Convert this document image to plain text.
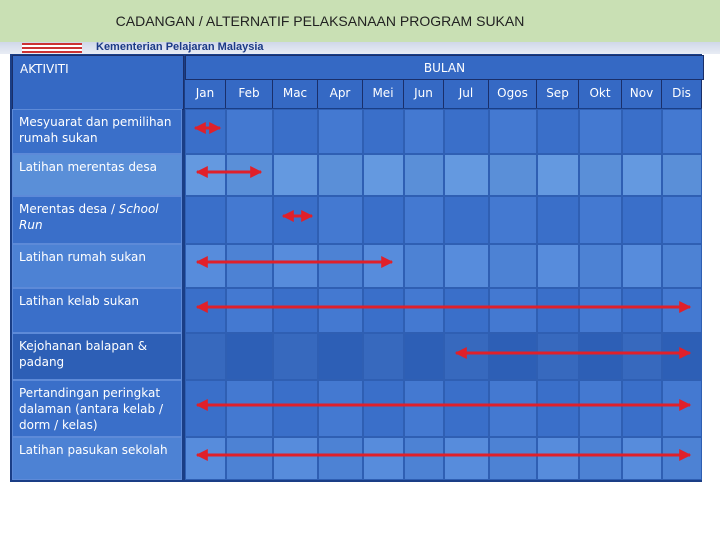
CADANGAN / ALTERNATIF PELAKSANAAN PROGRAM SUKAN
Kementerian Pelajaran Malaysia
AKTIVITI	BULAN
Jan	Feb	Mac	Apr	Mei	Jun	Jul	Ogos	Sep	Okt	Nov	Dis
Mesyuarat dan pemilihan rumah sukan
Latihan merentas desa
Merentas desa / School Run
Latihan rumah sukan
Latihan kelab sukan
Kejohanan balapan & padang
Pertandingan peringkat dalaman (antara kelab / dorm / kelas)
Latihan pasukan sekolah
